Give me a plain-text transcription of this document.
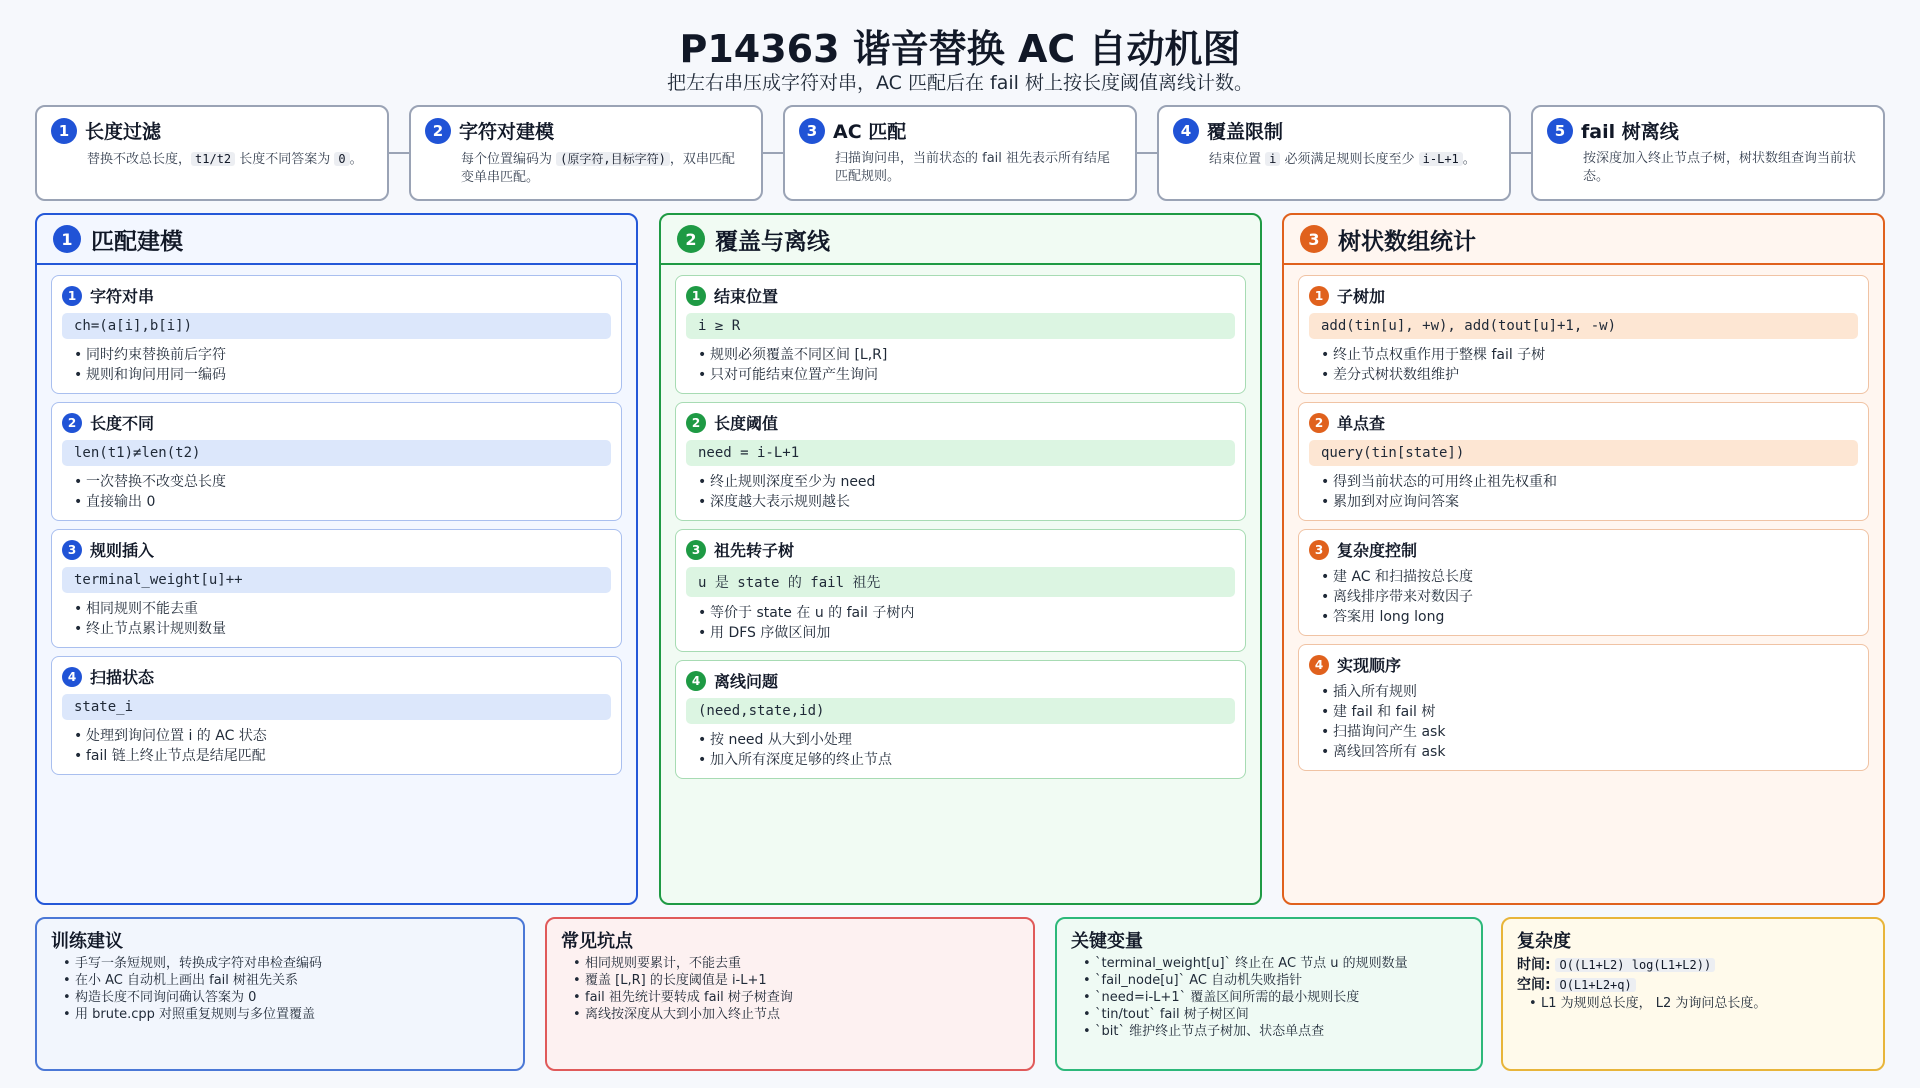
P14363 谐音替换 AC 自动机图
把左右串压成字符对串，AC 匹配后在 fail 树上按长度阈值离线计数。
1 长度过滤
替换不改总长度， t1/t2 长度不同答案为 0 。
2 字符对建模
每个位置编码为 (原字符,目标字符) ，双串匹配变单串匹配。
3 AC 匹配
扫描询问串，当前状态的 fail 祖先表示所有结尾匹配规则。
4 覆盖限制
结束位置 i 必须满足规则长度至少 i-L+1 。
5 fail 树离线
按深度加入终止节点子树，树状数组查询当前状态。
1 匹配建模
1 字符对串
ch=(a[i],b[i])
• 同时约束替换前后字符
• 规则和询问用同一编码
2 长度不同
len(t1)≠len(t2)
• 一次替换不改变总长度
• 直接输出 0
3 规则插入
terminal_weight[u]++
• 相同规则不能去重
• 终止节点累计规则数量
4 扫描状态
state_i
• 处理到询问位置 i 的 AC 状态
• fail 链上终止节点是结尾匹配
2 覆盖与离线
1 结束位置
i ≥ R
• 规则必须覆盖不同区间 [L,R]
• 只对可能结束位置产生询问
2 长度阈值
need = i-L+1
• 终止规则深度至少为 need
• 深度越大表示规则越长
3 祖先转子树
u 是 state 的 fail 祖先
• 等价于 state 在 u 的 fail 子树内
• 用 DFS 序做区间加
4 离线问题
(need,state,id)
• 按 need 从大到小处理
• 加入所有深度足够的终止节点
3 树状数组统计
1 子树加
add(tin[u], +w), add(tout[u]+1, -w)
• 终止节点权重作用于整棵 fail 子树
• 差分式树状数组维护
2 单点查
query(tin[state])
• 得到当前状态的可用终止祖先权重和
• 累加到对应询问答案
3 复杂度控制
• 建 AC 和扫描按总长度
• 离线排序带来对数因子
• 答案用 long long
4 实现顺序
• 插入所有规则
• 建 fail 和 fail 树
• 扫描询问产生 ask
• 离线回答所有 ask
训练建议
• 手写一条短规则，转换成字符对串检查编码
• 在小 AC 自动机上画出 fail 树祖先关系
• 构造长度不同询问确认答案为 0
• 用 brute.cpp 对照重复规则与多位置覆盖
常见坑点
• 相同规则要累计，不能去重
• 覆盖 [L,R] 的长度阈值是 i-L+1
• fail 祖先统计要转成 fail 树子树查询
• 离线按深度从大到小加入终止节点
关键变量
• `terminal_weight[u]` 终止在 AC 节点 u 的规则数量
• `fail_node[u]` AC 自动机失败指针
• `need=i-L+1` 覆盖区间所需的最小规则长度
• `tin/tout` fail 树子树区间
• `bit` 维护终止节点子树加、状态单点查
复杂度
时间: O((L1+L2) log(L1+L2))
空间: O(L1+L2+q)
• L1 为规则总长度， L2 为询问总长度。
